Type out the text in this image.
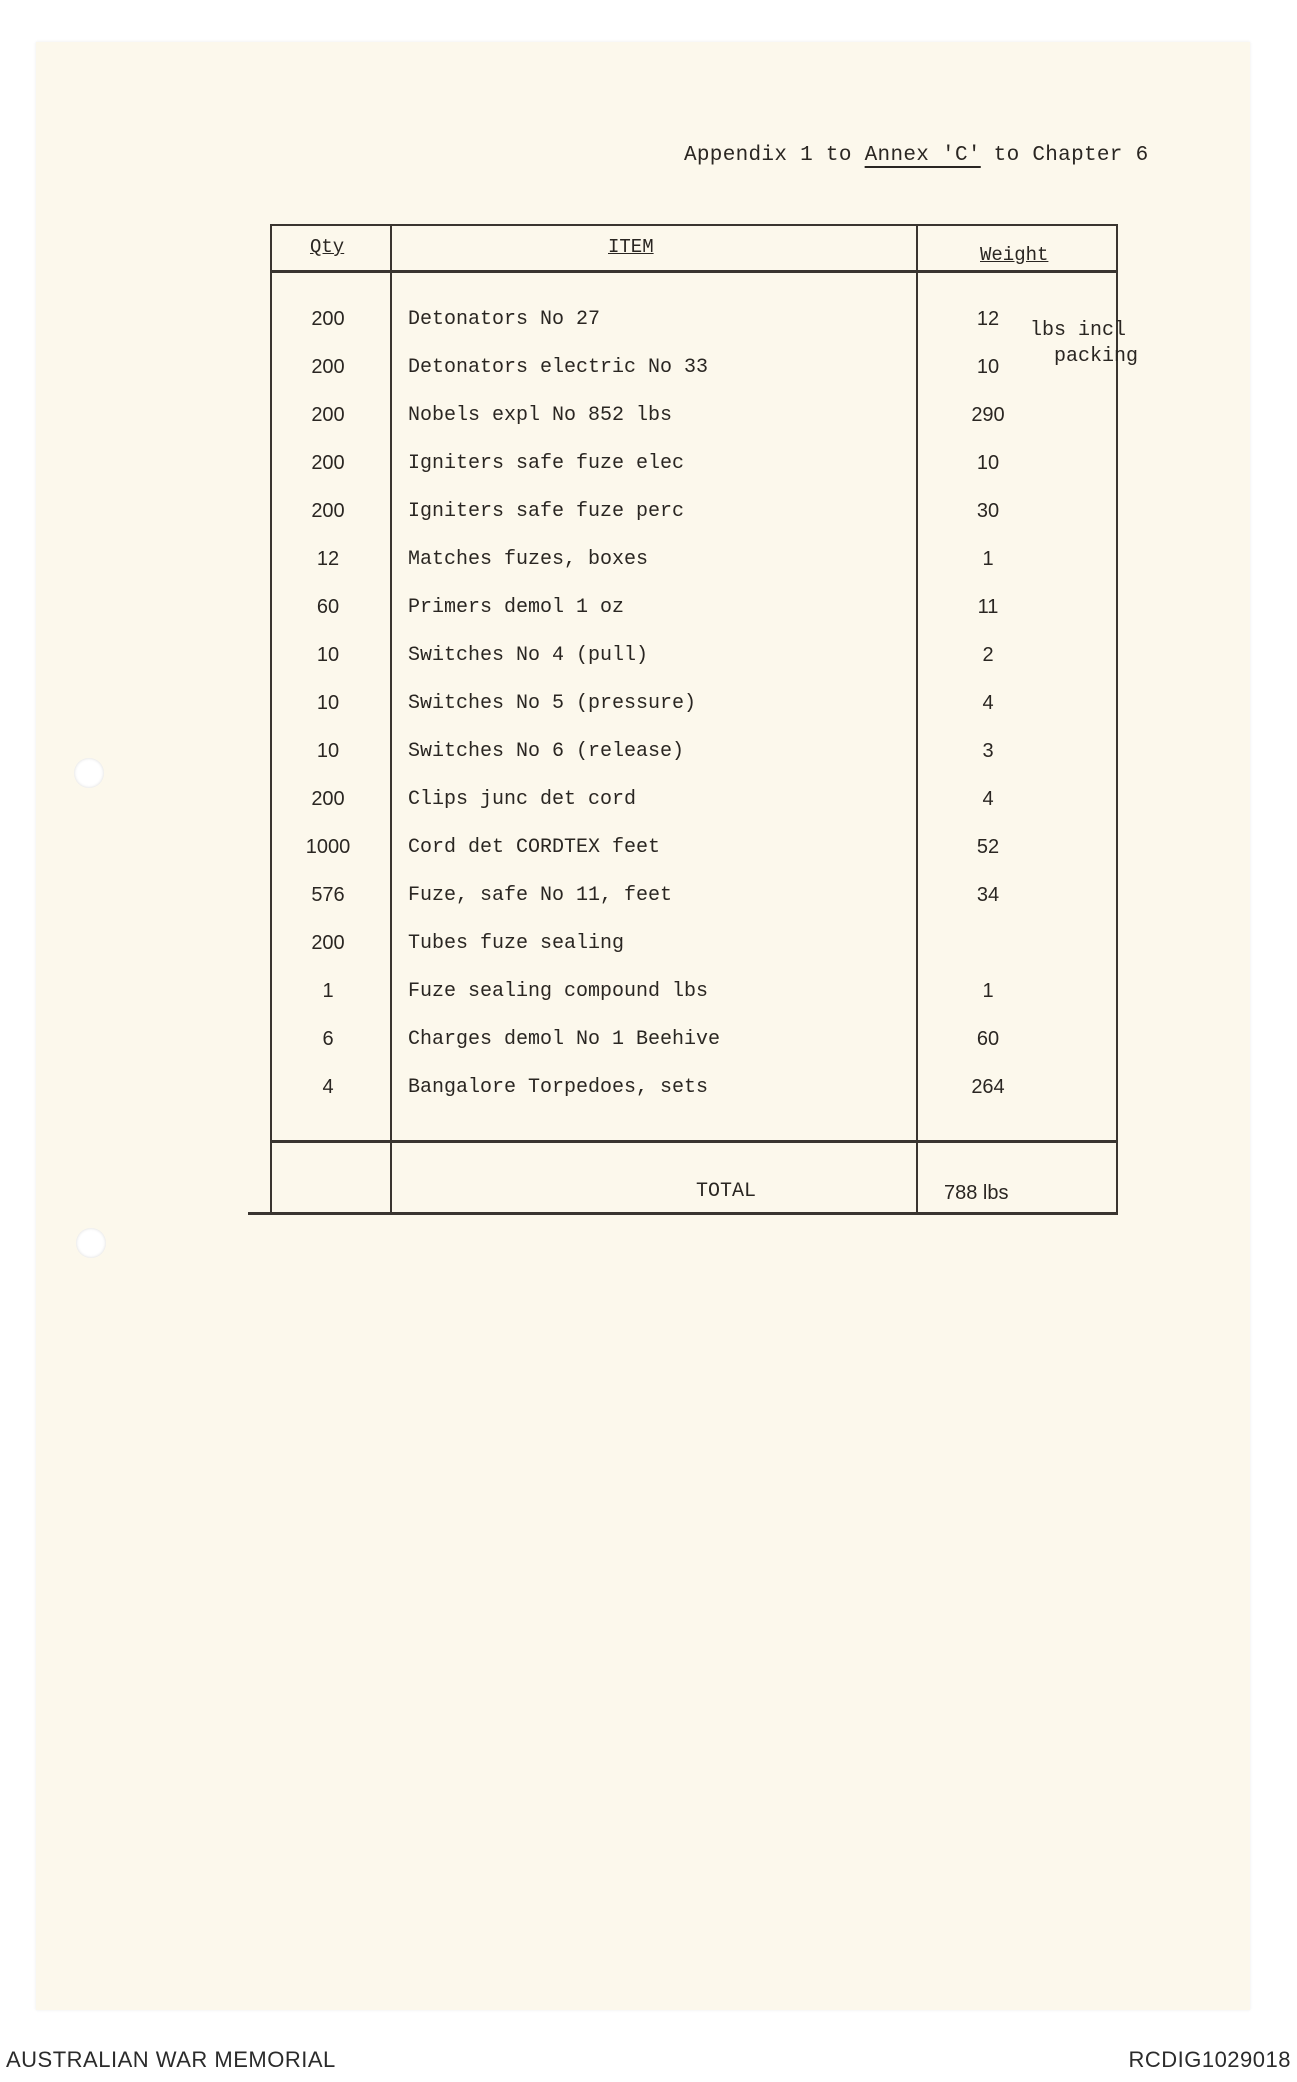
Appendix 1 to Annex 'C' to Chapter 6
Qty	ITEM	Weight
200	Detonators No 27	12
200	Detonators electric No 33	10
200	Nobels expl No 852 lbs	290
200	Igniters safe fuze elec	10
200	Igniters safe fuze perc	30
12	Matches fuzes, boxes	1
60	Primers demol 1 oz	11
10	Switches No 4 (pull)	2
10	Switches No 5 (pressure)	4
10	Switches No 6 (release)	3
200	Clips junc det cord	4
1000	Cord det CORDTEX feet	52
576	Fuze, safe No 11, feet	34
200	Tubes fuze sealing
1	Fuze sealing compound lbs	1
6	Charges demol No 1 Beehive	60
4	Bangalore Torpedoes, sets	264
lbs incl
packing
TOTAL	788 lbs
AUSTRALIAN WAR MEMORIAL	RCDIG1029018
